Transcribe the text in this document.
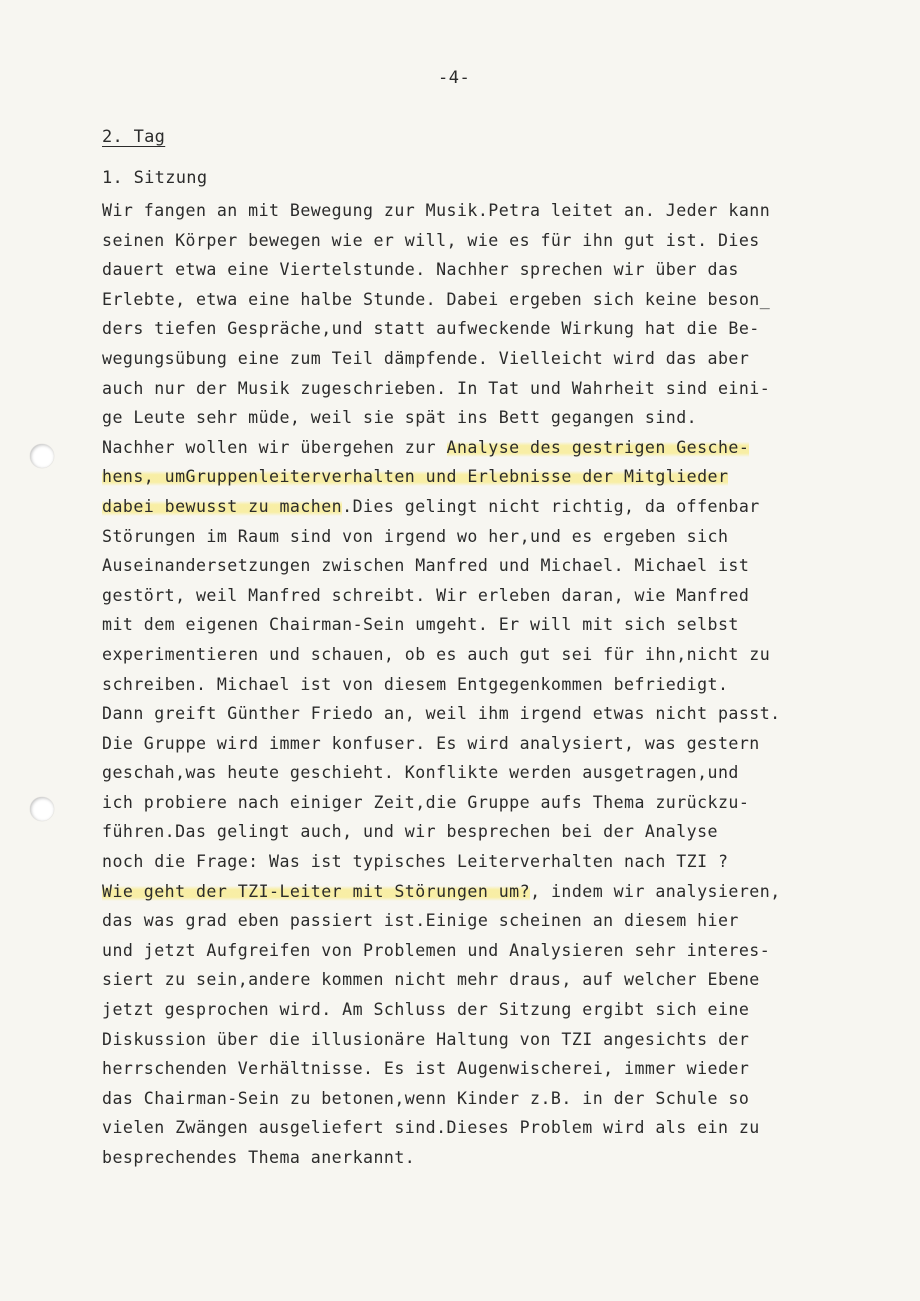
-4-
2. Tag
1. Sitzung
Wir fangen an mit Bewegung zur Musik.Petra leitet an. Jeder kann
seinen Körper bewegen wie er will, wie es für ihn gut ist. Dies
dauert etwa eine Viertelstunde. Nachher sprechen wir über das
Erlebte, etwa eine halbe Stunde. Dabei ergeben sich keine beson_
ders tiefen Gespräche,und statt aufweckende Wirkung hat die Be-
wegungsübung eine zum Teil dämpfende. Vielleicht wird das aber
auch nur der Musik zugeschrieben. In Tat und Wahrheit sind eini-
ge Leute sehr müde, weil sie spät ins Bett gegangen sind.
Nachher wollen wir übergehen zur Analyse des gestrigen Gesche-
hens, umGruppenleiterverhalten und Erlebnisse der Mitglieder
dabei bewusst zu machen.Dies gelingt nicht richtig, da offenbar
Störungen im Raum sind von irgend wo her,und es ergeben sich
Auseinandersetzungen zwischen Manfred und Michael. Michael ist
gestört, weil Manfred schreibt. Wir erleben daran, wie Manfred
mit dem eigenen Chairman-Sein umgeht. Er will mit sich selbst
experimentieren und schauen, ob es auch gut sei für ihn,nicht zu
schreiben. Michael ist von diesem Entgegenkommen befriedigt.
Dann greift Günther Friedo an, weil ihm irgend etwas nicht passt.
Die Gruppe wird immer konfuser. Es wird analysiert, was gestern
geschah,was heute geschieht. Konflikte werden ausgetragen,und
ich probiere nach einiger Zeit,die Gruppe aufs Thema zurückzu-
führen.Das gelingt auch, und wir besprechen bei der Analyse
noch die Frage: Was ist typisches Leiterverhalten nach TZI ?
Wie geht der TZI-Leiter mit Störungen um?, indem wir analysieren,
das was grad eben passiert ist.Einige scheinen an diesem hier
und jetzt Aufgreifen von Problemen und Analysieren sehr interes-
siert zu sein,andere kommen nicht mehr draus, auf welcher Ebene
jetzt gesprochen wird. Am Schluss der Sitzung ergibt sich eine
Diskussion über die illusionäre Haltung von TZI angesichts der
herrschenden Verhältnisse. Es ist Augenwischerei, immer wieder
das Chairman-Sein zu betonen,wenn Kinder z.B. in der Schule so
vielen Zwängen ausgeliefert sind.Dieses Problem wird als ein zu
besprechendes Thema anerkannt.
